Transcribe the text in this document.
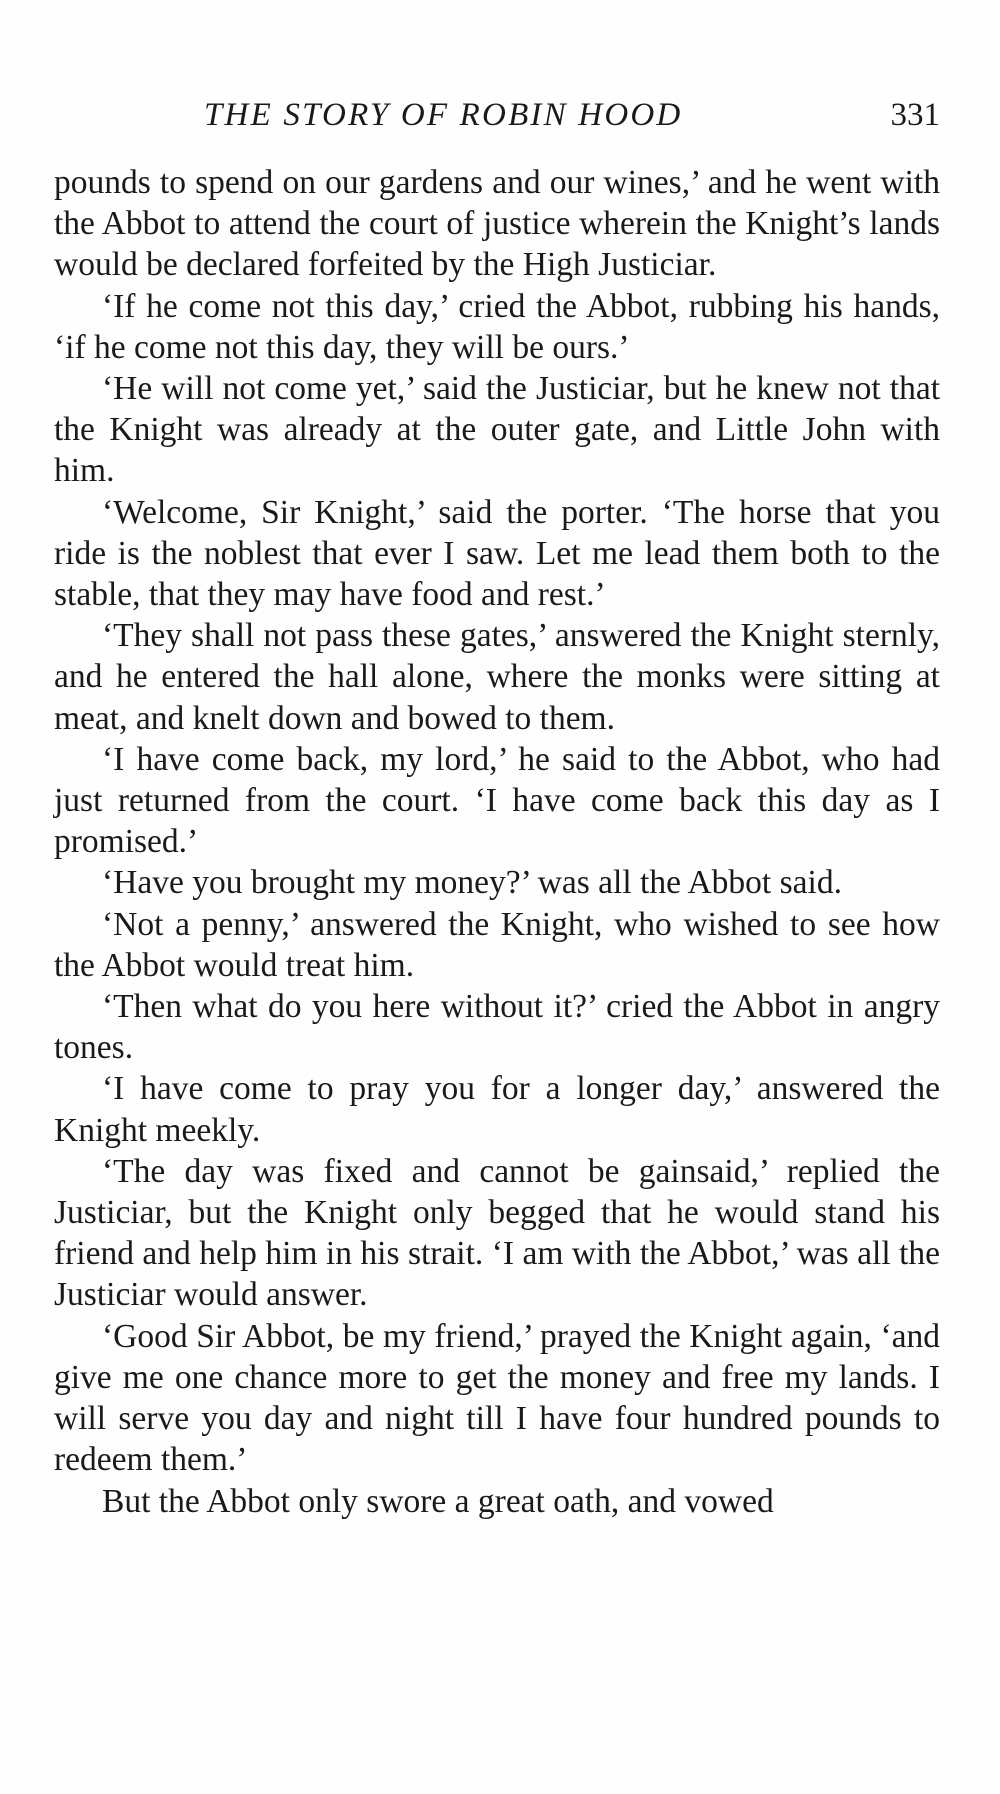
THE STORY OF ROBIN HOOD	331

pounds to spend on our gardens and our wines,’ and he went with the Abbot to attend the court of justice wherein the Knight’s lands would be declared forfeited by the High Justiciar.

‘If he come not this day,’ cried the Abbot, rubbing his hands, ‘if he come not this day, they will be ours.’

‘He will not come yet,’ said the Justiciar, but he knew not that the Knight was already at the outer gate, and Little John with him.

‘Welcome, Sir Knight,’ said the porter. ‘The horse that you ride is the noblest that ever I saw. Let me lead them both to the stable, that they may have food and rest.’

‘They shall not pass these gates,’ answered the Knight sternly, and he entered the hall alone, where the monks were sitting at meat, and knelt down and bowed to them.

‘I have come back, my lord,’ he said to the Abbot, who had just returned from the court. ‘I have come back this day as I promised.’

‘Have you brought my money?’ was all the Abbot said.

‘Not a penny,’ answered the Knight, who wished to see how the Abbot would treat him.

‘Then what do you here without it?’ cried the Abbot in angry tones.

‘I have come to pray you for a longer day,’ answered the Knight meekly.

‘The day was fixed and cannot be gainsaid,’ replied the Justiciar, but the Knight only begged that he would stand his friend and help him in his strait. ‘I am with the Abbot,’ was all the Justiciar would answer.

‘Good Sir Abbot, be my friend,’ prayed the Knight again, ‘and give me one chance more to get the money and free my lands. I will serve you day and night till I have four hundred pounds to redeem them.’

But the Abbot only swore a great oath, and vowed
